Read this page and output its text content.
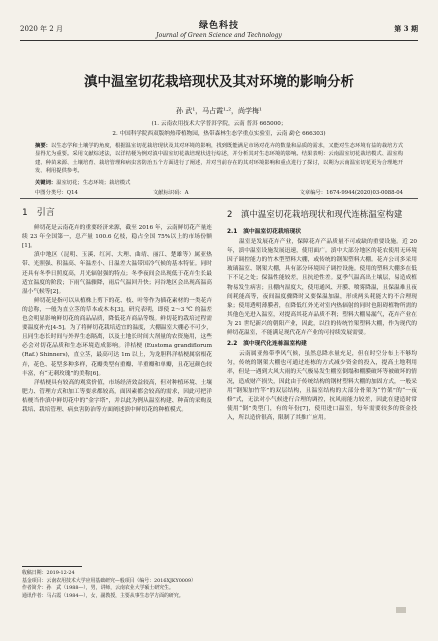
2020 年 2 月	绿色科技
Journal of Green Science and Technology
第 3 期
滇中温室切花栽培现状及其对环境的影响分析
孙 武¹，马占霞¹·²，尚学梅¹
(1. 云南农用技术大学普洱学院，云南 普洱 665000；
2. 中国科学院西双版纳热带植物园，热带森林生态学重点实验室，云南 勐仑 666303)
摘要：以生态学和土壤学的角度，根据温室切花栽培现状及其对环境的影响，找到既能满足市场对花卉的数量和品质的需求，又能对生态环境有益的栽培方式显得尤为重要。采用文献综述法，以洋桔梗为例对滇中温室切花栽培现状进行综述，并分析其对生态环境的影响。结果表明：云南温室切花栽培模式、温室构建、种苗来源、土壤培育、栽培管理和病虫害防治五个方面进行了阐述，并对当前存在的其对环境影响和重点进行了探讨，以期为云南温室切花更为合理地开发、利用提供参考。
关键词：温室切花；生态环境；栽培模式
中图分类号：Q14	文献标识码：A	文章编号：1674-9944(2020)03-0088-04
1　引言

鲜切花是云南花卉的重要经济来源，截至 2016 年，云南鲜切花产量连续 23 年全国第一，总产量 100.6 亿枝，稳占全国 75%以上的市场份额[1]。

滇中地区（昆明、玉溪、红河、大理、曲靖、丽江、楚雄等）属亚热带、光照强、积温高、年温差小、日温差大温带国冷气候的基本特征。同时还具有冬季日照度高，月光辐射强的特点；冬季夜间会出现低于花卉生长最适宜温度的阶段；下雨气温骤降，雨后气温回升快；河谷地区会出现高温高湿小气候等[2]。

鲜切花是指可以从植株上剪下的花、枝、叶等作为插花素材的一类花卉的总称，一般为直立茎的草本或木本[3]。研究表明，即使 2～3 ℃ 的温差也会明显影响鲜切花的商品品质，降低花卉商品等级。鲜切花的栽培过程需要温度补充[4-5]。为了将鲜切花栽培适宜的温度，大棚温室大棚必不可少，且同生态长时间与外界生态隔离，以及土地长时间大剂量的农资施用，这些必会对切花品质和生态环境造成影响。洋桔梗 (Eustoma grandiflorum (Raf.) Shinners)，直立茎，最高可达 1m 以上，为龙胆科洋桔梗属宿根花卉，花色、花型多种多样，花瓣类型有重瓣、半重瓣和单瓣，且花冠颜色较丰富，有“无刺玫瑰”的美称[6]。

洋桔梗具有较高的观赏价值，市场经济效益较高，但对种植环境、土壤肥力、管理方式和加工等要求都较高，面因素都会较高的需求，因此可把洋桔梗当作滇中鲜切花中的“金字塔”，并以此为例从温室构建、种苗的采购及栽培、栽培管理、病虫害防治等方面阐述滇中鲜切花的种植模式。

2　滇中温室切花栽培现状和现代连栋温室构建
2.1　滇中温室切花栽培现状

温室是发展花卉产业，保障花卉产品质量不可或缺的重要设施。近 20 年，滇中温室设施发展迅速，使用面广。滇中大部分地区的花农使用无环境因子调控能力的竹木型塑料大棚，或传统的钢架塑料大棚。花卉公司多采用玻璃温室、钢架大棚，具有部分环境因子调控设施。使用的塑料大棚多在低下不足之处；保温性能较差，且抗逆性差。夏季气温高出土壤层，易造成植物易发生病害；且棚内湿度大，使用通风、开膜、喷雾降温，且保温难且夜间耗能高等，夜间温度骤降时又要保温加温，形成两头耗能大的不合理现象；使用透明薄膜者，在降低红外光对室内热辐射的同时也阻碍植物所需的其他色光进入温室，对提高其花卉品质不利；塑料大棚易漏气，花卉产业在为 21 世纪新兴的朝阳产业，因此，以往的传统竹架塑料大棚，作为现代的鲜切花温室，不能满足现代花卉产业的可持续发展需要。

2.2　滇中现代化连栋温室构建

云南属亚热带季风气候，虽然总降水量充足，但在时空分布上不够均匀，传统的钢架大棚也可通过连栋的方式减少资金的投入，提高土地利用率，但是一遇到大风大雨的天气极易发生棚室倒塌和棚膜破坏等被破坏的情况，造成财产损失，因此由于传统结构的钢材塑料大棚的加固方式，一般采用“钢架加竹竿”的双层结构，且温室结构的大部分骨架为“竹架”的“一夜修”式，无法对小气候进行合理的调控，抗风雨能力较差，因此在建造时常使用“倒”类型门，有的年份[7]，使用进口温室，每年需要较多的资金投入，所以造价很高，限制了其推广应用。

收稿日期：2019-12-24
基金项目：云南农用技术大学应用基础研究—般项目（编号：2016XJKY0009）
作者简介：孙　武（1988—），男，讲师，云南农业大学硕士研究生。
通讯作者：马占霞（1984—），女，副教授，主要从事生态学方面的研究。
